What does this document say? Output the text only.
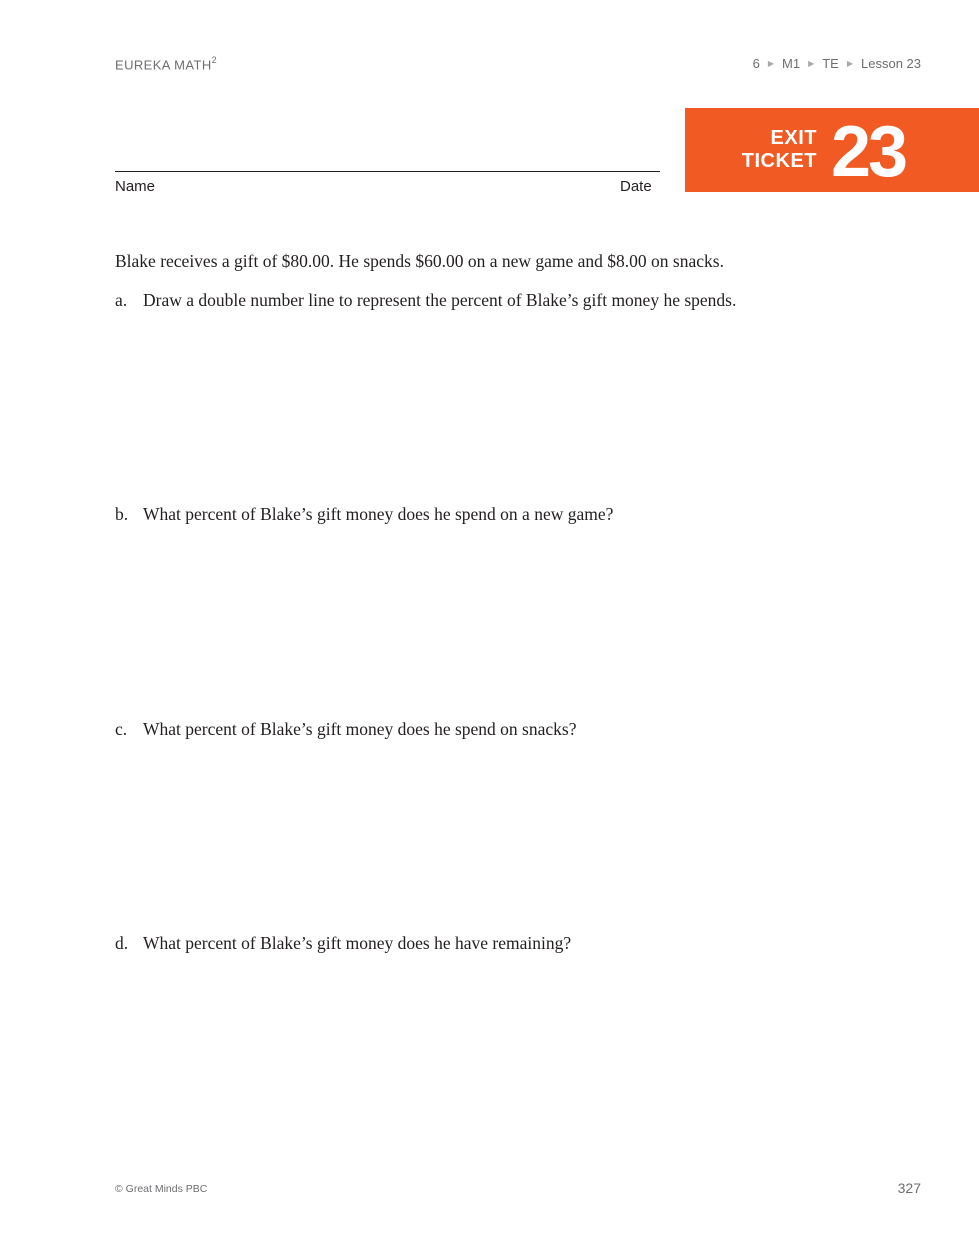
EUREKA MATH$^2$	6 ▶ M1 ▶ TE ▶ Lesson 23
Name	Date
EXIT
TICKET 23
Blake receives a gift of $80.00. He spends $60.00 on a new game and $8.00 on snacks.
a. Draw a double number line to represent the percent of Blake’s gift money he spends.
b. What percent of Blake’s gift money does he spend on a new game?
c. What percent of Blake’s gift money does he spend on snacks?
d. What percent of Blake’s gift money does he have remaining?
© Great Minds PBC	327
